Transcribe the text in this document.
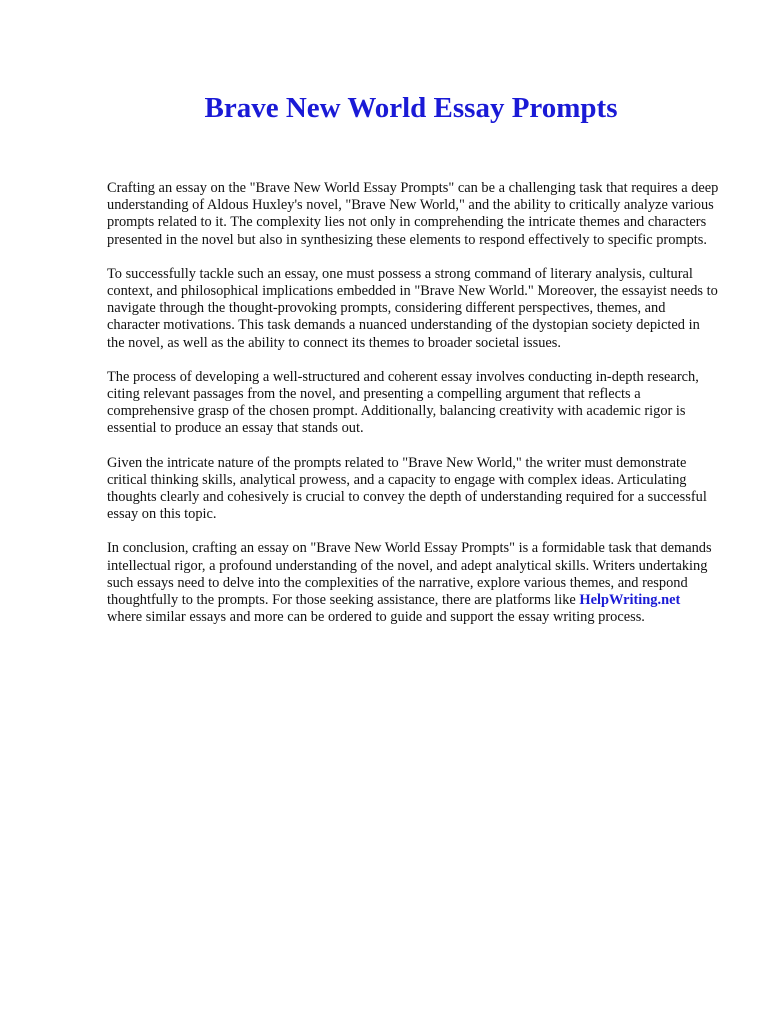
Brave New World Essay Prompts

Crafting an essay on the "Brave New World Essay Prompts" can be a challenging task that requires a deep understanding of Aldous Huxley's novel, "Brave New World," and the ability to critically analyze various prompts related to it. The complexity lies not only in comprehending the intricate themes and characters presented in the novel but also in synthesizing these elements to respond effectively to specific prompts.

To successfully tackle such an essay, one must possess a strong command of literary analysis, cultural context, and philosophical implications embedded in "Brave New World." Moreover, the essayist needs to navigate through the thought-provoking prompts, considering different perspectives, themes, and character motivations. This task demands a nuanced understanding of the dystopian society depicted in the novel, as well as the ability to connect its themes to broader societal issues.

The process of developing a well-structured and coherent essay involves conducting in-depth research, citing relevant passages from the novel, and presenting a compelling argument that reflects a comprehensive grasp of the chosen prompt. Additionally, balancing creativity with academic rigor is essential to produce an essay that stands out.

Given the intricate nature of the prompts related to "Brave New World," the writer must demonstrate critical thinking skills, analytical prowess, and a capacity to engage with complex ideas. Articulating thoughts clearly and cohesively is crucial to convey the depth of understanding required for a successful essay on this topic.

In conclusion, crafting an essay on "Brave New World Essay Prompts" is a formidable task that demands intellectual rigor, a profound understanding of the novel, and adept analytical skills. Writers undertaking such essays need to delve into the complexities of the narrative, explore various themes, and respond thoughtfully to the prompts. For those seeking assistance, there are platforms like HelpWriting.net where similar essays and more can be ordered to guide and support the essay writing process.
